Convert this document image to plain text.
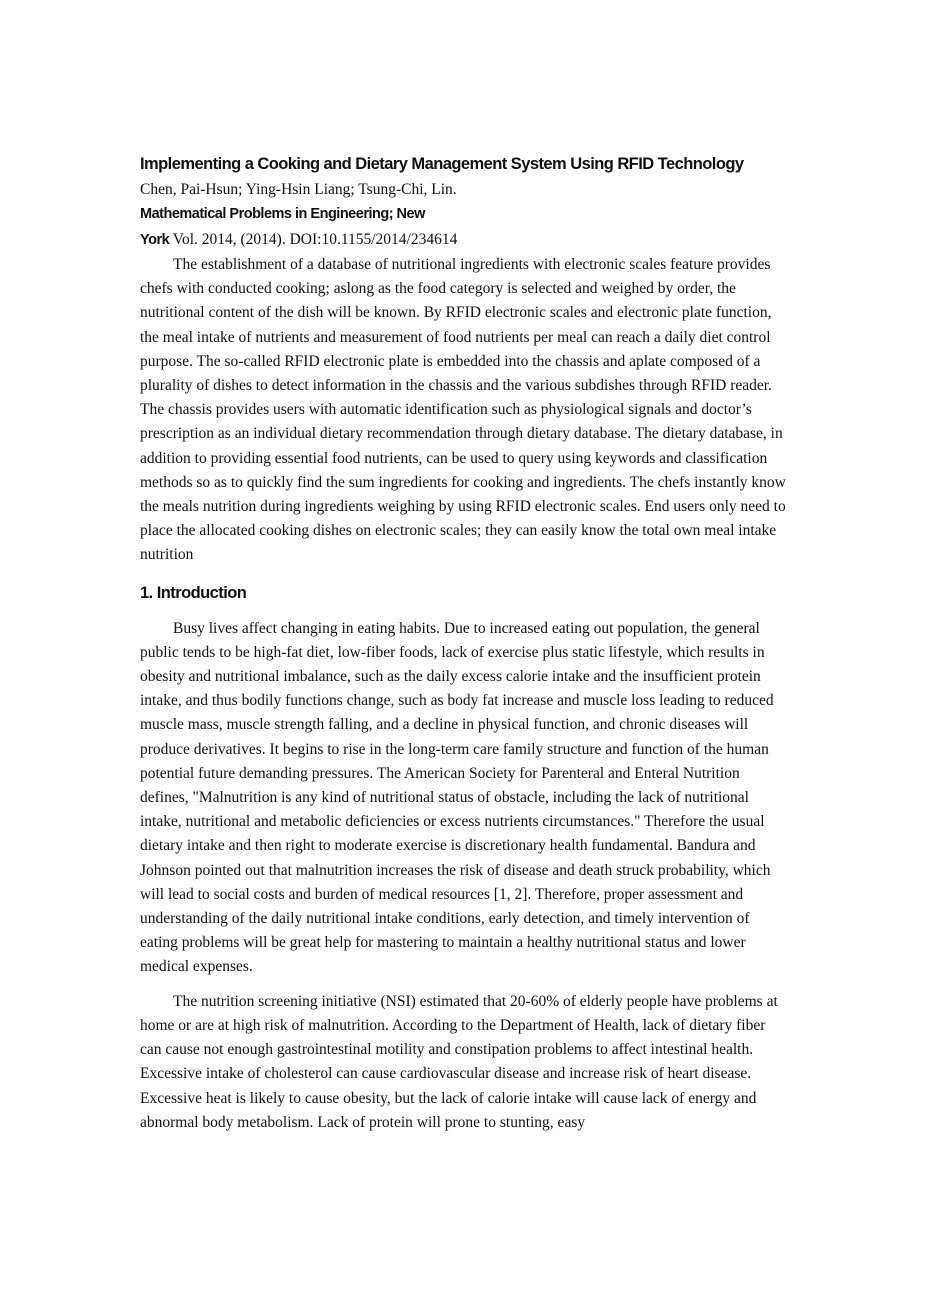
Implementing a Cooking and Dietary Management System Using RFID Technology

Chen, Pai-Hsun; Ying-Hsin Liang; Tsung-Chi, Lin.

Mathematical Problems in Engineering; New
York Vol. 2014, (2014). DOI:10.1155/2014/234614

The establishment of a database of nutritional ingredients with electronic scales feature provides chefs with conducted cooking; aslong as the food category is selected and weighed by order, the nutritional content of the dish will be known. By RFID electronic scales and electronic plate function, the meal intake of nutrients and measurement of food nutrients per meal can reach a daily diet control purpose. The so-called RFID electronic plate is embedded into the chassis and aplate composed of a plurality of dishes to detect information in the chassis and the various subdishes through RFID reader. The chassis provides users with automatic identification such as physiological signals and doctor’s prescription as an individual dietary recommendation through dietary database. The dietary database, in addition to providing essential food nutrients, can be used to query using keywords and classification methods so as to quickly find the sum ingredients for cooking and ingredients. The chefs instantly know the meals nutrition during ingredients weighing by using RFID electronic scales. End users only need to place the allocated cooking dishes on electronic scales; they can easily know the total own meal intake nutrition

1. Introduction

Busy lives affect changing in eating habits. Due to increased eating out population, the general public tends to be high-fat diet, low-fiber foods, lack of exercise plus static lifestyle, which results in obesity and nutritional imbalance, such as the daily excess calorie intake and the insufficient protein intake, and thus bodily functions change, such as body fat increase and muscle loss leading to reduced muscle mass, muscle strength falling, and a decline in physical function, and chronic diseases will produce derivatives. It begins to rise in the long-term care family structure and function of the human potential future demanding pressures. The American Society for Parenteral and Enteral Nutrition defines, "Malnutrition is any kind of nutritional status of obstacle, including the lack of nutritional intake, nutritional and metabolic deficiencies or excess nutrients circumstances." Therefore the usual dietary intake and then right to moderate exercise is discretionary health fundamental. Bandura and Johnson pointed out that malnutrition increases the risk of disease and death struck probability, which will lead to social costs and burden of medical resources [1, 2]. Therefore, proper assessment and understanding of the daily nutritional intake conditions, early detection, and timely intervention of eating problems will be great help for mastering to maintain a healthy nutritional status and lower medical expenses.

The nutrition screening initiative (NSI) estimated that 20-60% of elderly people have problems at home or are at high risk of malnutrition. According to the Department of Health, lack of dietary fiber can cause not enough gastrointestinal motility and constipation problems to affect intestinal health. Excessive intake of cholesterol can cause cardiovascular disease and increase risk of heart disease. Excessive heat is likely to cause obesity, but the lack of calorie intake will cause lack of energy and abnormal body metabolism. Lack of protein will prone to stunting, easy
